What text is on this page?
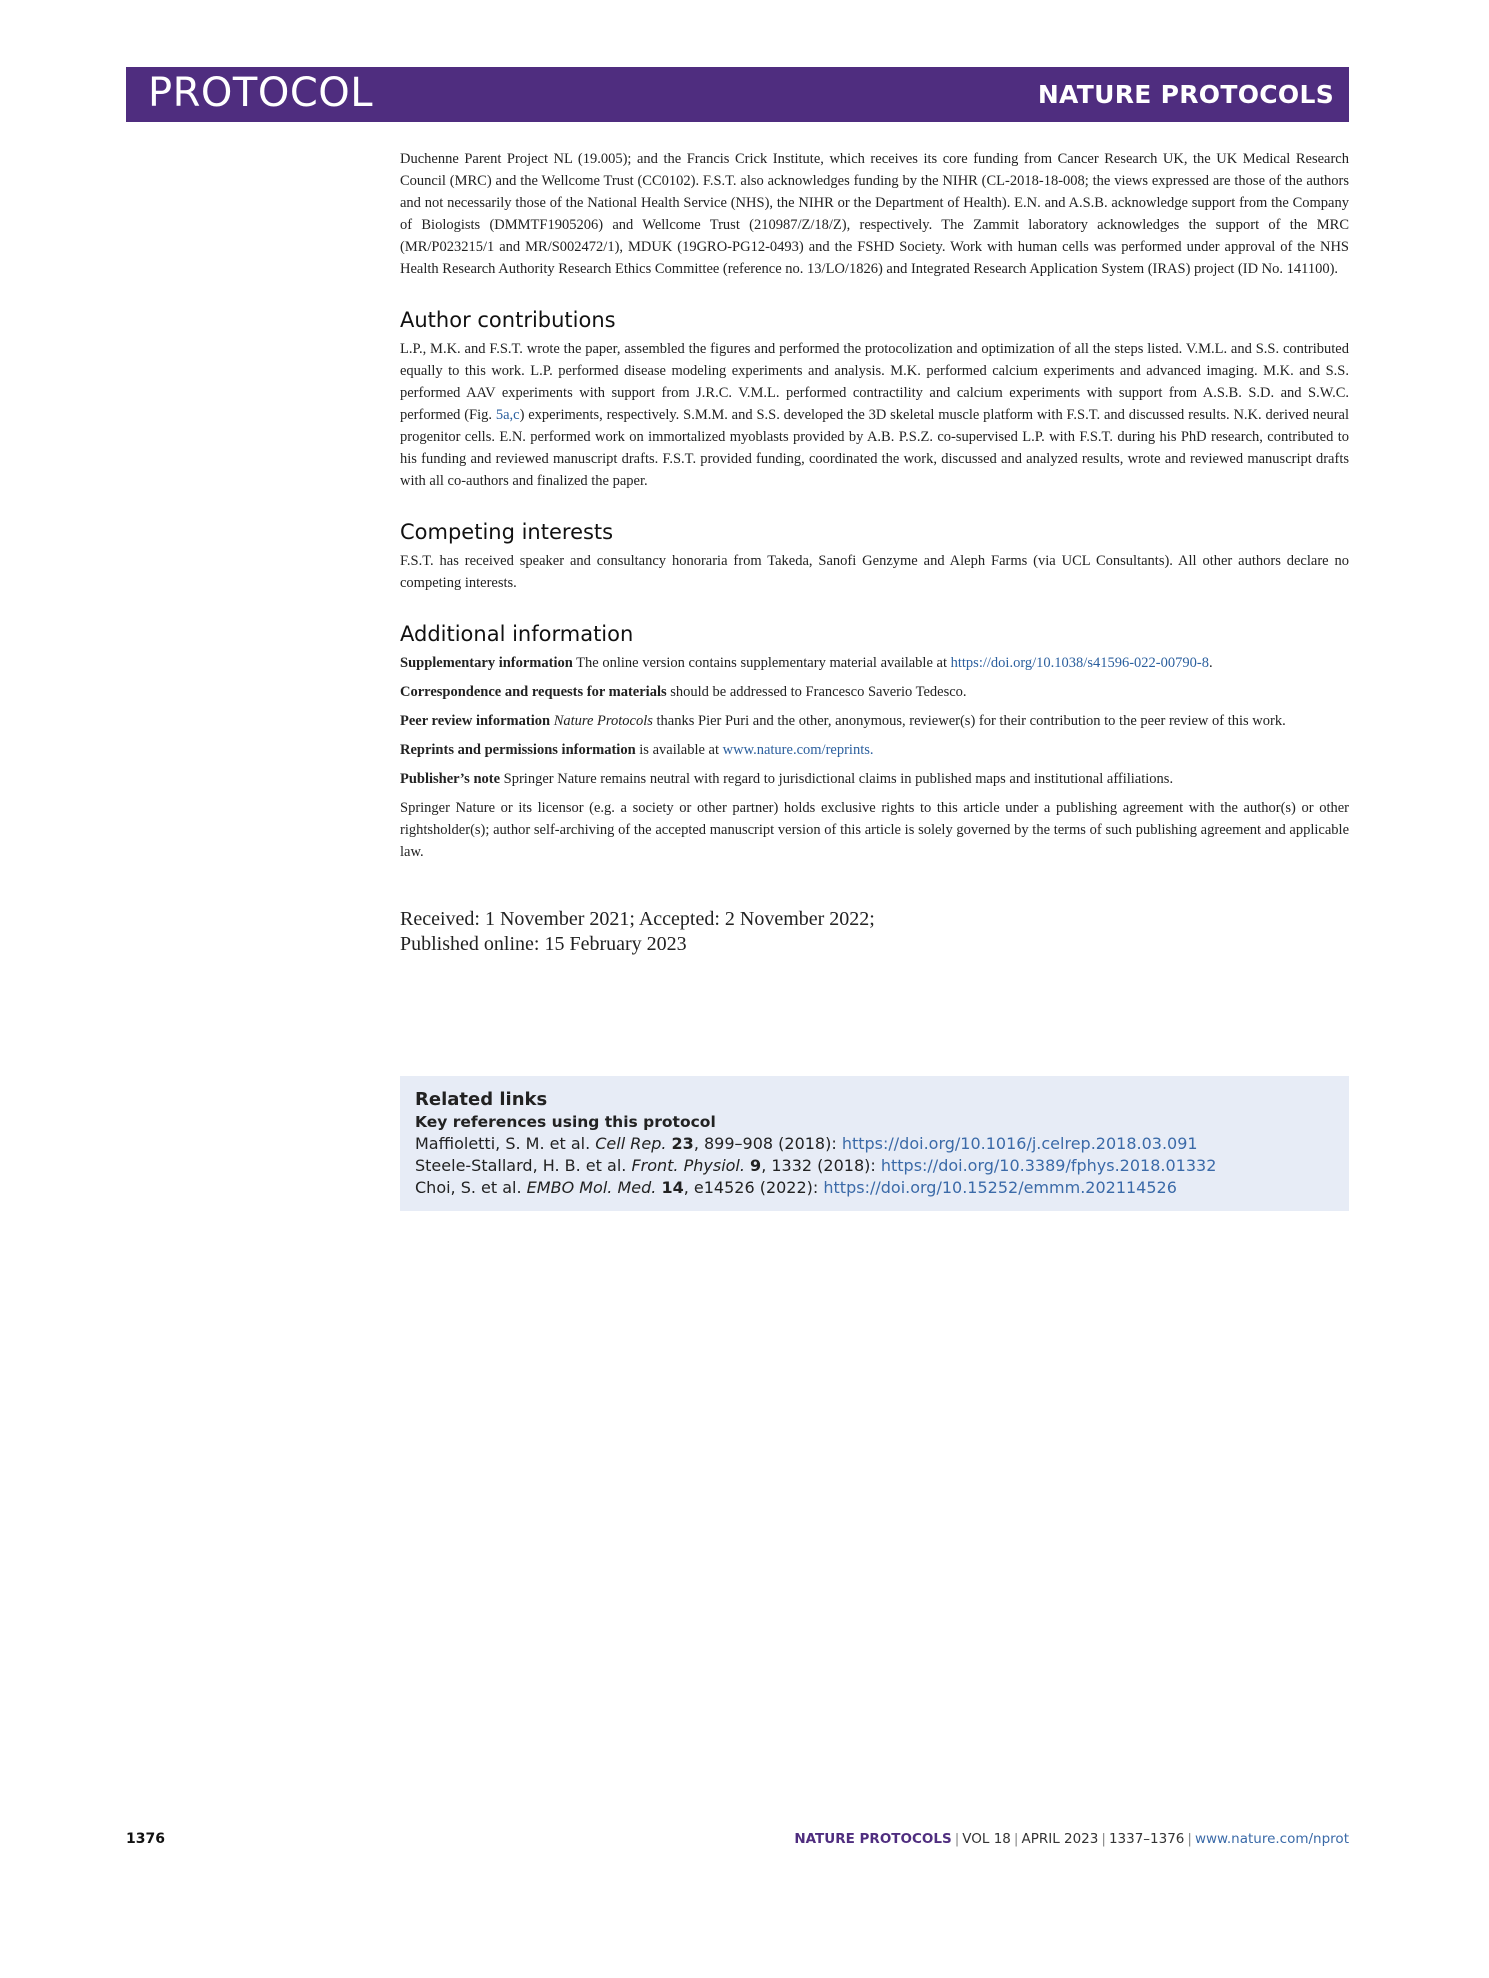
PROTOCOL	NATURE PROTOCOLS

Duchenne Parent Project NL (19.005); and the Francis Crick Institute, which receives its core funding from Cancer Research UK, the UK Medical Research Council (MRC) and the Wellcome Trust (CC0102). F.S.T. also acknowledges funding by the NIHR (CL-2018-18-008; the views expressed are those of the authors and not necessarily those of the National Health Service (NHS), the NIHR or the Department of Health). E.N. and A.S.B. acknowledge support from the Company of Biologists (DMMTF1905206) and Wellcome Trust (210987/Z/18/Z), respectively. The Zammit laboratory acknowledges the support of the MRC (MR/P023215/1 and MR/S002472/1), MDUK (19GRO-PG12-0493) and the FSHD Society. Work with human cells was performed under approval of the NHS Health Research Authority Research Ethics Committee (reference no. 13/LO/1826) and Integrated Research Application System (IRAS) project (ID No. 141100).

Author contributions

L.P., M.K. and F.S.T. wrote the paper, assembled the figures and performed the protocolization and optimization of all the steps listed. V.M.L. and S.S. contributed equally to this work. L.P. performed disease modeling experiments and analysis. M.K. performed calcium experiments and advanced imaging. M.K. and S.S. performed AAV experiments with support from J.R.C. V.M.L. performed contractility and calcium experiments with support from A.S.B. S.D. and S.W.C. performed (Fig. 5a,c) experiments, respectively. S.M.M. and S.S. developed the 3D skeletal muscle platform with F.S.T. and discussed results. N.K. derived neural progenitor cells. E.N. performed work on immortalized myoblasts provided by A.B. P.S.Z. co-supervised L.P. with F.S.T. during his PhD research, contributed to his funding and reviewed manuscript drafts. F.S.T. provided funding, coordinated the work, discussed and analyzed results, wrote and reviewed manuscript drafts with all co-authors and finalized the paper.

Competing interests

F.S.T. has received speaker and consultancy honoraria from Takeda, Sanofi Genzyme and Aleph Farms (via UCL Consultants). All other authors declare no competing interests.

Additional information

Supplementary information The online version contains supplementary material available at https://doi.org/10.1038/s41596-022-00790-8.

Correspondence and requests for materials should be addressed to Francesco Saverio Tedesco.

Peer review information Nature Protocols thanks Pier Puri and the other, anonymous, reviewer(s) for their contribution to the peer review of this work.

Reprints and permissions information is available at www.nature.com/reprints.

Publisher’s note Springer Nature remains neutral with regard to jurisdictional claims in published maps and institutional affiliations.

Springer Nature or its licensor (e.g. a society or other partner) holds exclusive rights to this article under a publishing agreement with the author(s) or other rightsholder(s); author self-archiving of the accepted manuscript version of this article is solely governed by the terms of such publishing agreement and applicable law.

Received: 1 November 2021; Accepted: 2 November 2022;
Published online: 15 February 2023
Related links
Key references using this protocol
Maffioletti, S. M. et al. Cell Rep. 23, 899–908 (2018): https://doi.org/10.1016/j.celrep.2018.03.091
Steele-Stallard, H. B. et al. Front. Physiol. 9, 1332 (2018): https://doi.org/10.3389/fphys.2018.01332
Choi, S. et al. EMBO Mol. Med. 14, e14526 (2022): https://doi.org/10.15252/emmm.202114526
1376	NATURE PROTOCOLS | VOL 18 | APRIL 2023 | 1337–1376 | www.nature.com/nprot
